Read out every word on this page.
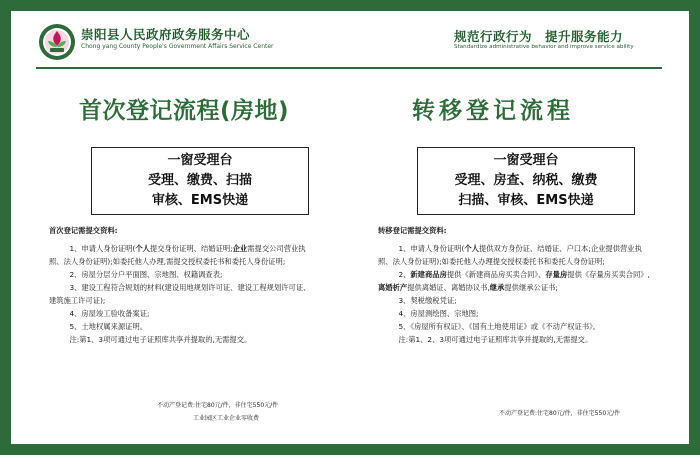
崇阳县人民政府政务服务中心
Chong yang County People's Government Affairs Service Center
规范行政行为　提升服务能力
Standardize administrative behavior and improve service ability
首次登记流程(房地)
一窗受理台
受理、缴费、扫描
审核、EMS快递
首次登记需提交资料:

1、申请人身份证明(个人提交身份证明、结婚证明;企业需提交公司营业执照、法人身份证明);如委托他人办理,需提交授权委托书和委托人身份证明;

2、房屋分层分户平面图、宗地图、权籍调查表;

3、建设工程符合规划的材料(建设用地规划许可证、建设工程规划许可证、建筑施工许可证);

4、房屋竣工验收备案证;

5、土地权属来源证明。

注:第1、3项可通过电子证照库共享并提取的,无需提交。

不动产登记费:住宅80元/件，非住宅550元/件
工业园区工业企业零收费
转移登记流程
一窗受理台
受理、房查、纳税、缴费
扫描、审核、EMS快递
转移登记需提交资料:

1、申请人身份证明(个人提供双方身份证、结婚证、户口本;企业提供营业执照、法人身份证明);如委托他人办理提交授权委托书和委托人身份证明;

2、新建商品房提供《新建商品房买卖合同》、存量房提供《存量房买卖合同》,离婚析产提供离婚证、离婚协议书,继承提供继承公证书;

3、契税缴税凭证;

4、房屋测绘图、宗地图;

5、《房屋所有权证》、《国有土地使用证》或《不动产权证书》。

注:第1、2、3项可通过电子证照库共享并提取的,无需提交。

不动产登记费:住宅80元/件，非住宅550元/件
